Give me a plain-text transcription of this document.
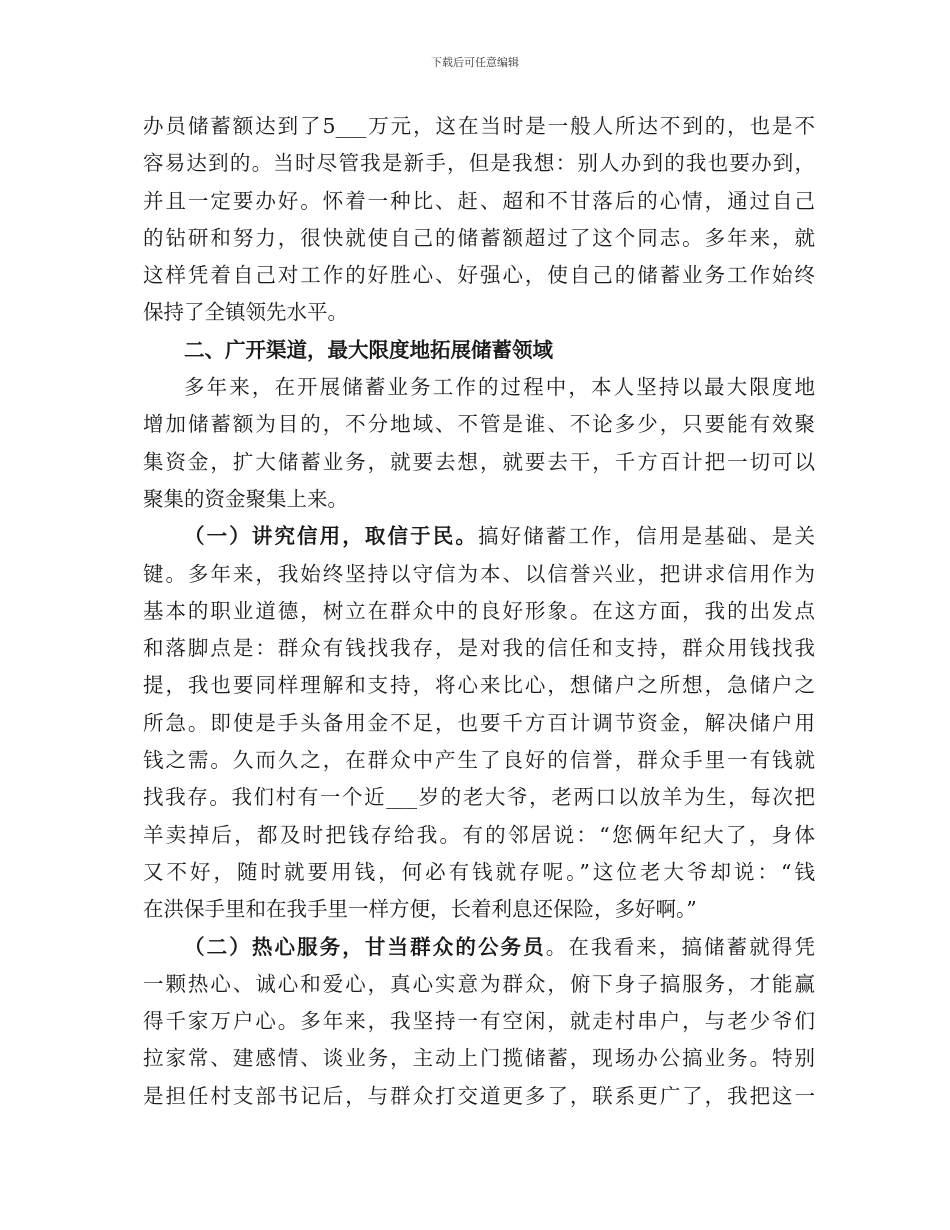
下载后可任意编辑
办员储蓄额达到了5___万元，这在当时是一般人所达不到的，也是不
容易达到的。当时尽管我是新手，但是我想：别人办到的我也要办到，
并且一定要办好。怀着一种比、赶、超和不甘落后的心情，通过自己
的钻研和努力，很快就使自己的储蓄额超过了这个同志。多年来，就
这样凭着自己对工作的好胜心、好强心，使自己的储蓄业务工作始终
保持了全镇领先水平。
二、广开渠道，最大限度地拓展储蓄领域
多年来，在开展储蓄业务工作的过程中，本人坚持以最大限度地
增加储蓄额为目的，不分地域、不管是谁、不论多少，只要能有效聚
集资金，扩大储蓄业务，就要去想，就要去干，千方百计把一切可以
聚集的资金聚集上来。
（一）讲究信用，取信于民。搞好储蓄工作，信用是基础、是关
键。多年来，我始终坚持以守信为本、以信誉兴业，把讲求信用作为
基本的职业道德，树立在群众中的良好形象。在这方面，我的出发点
和落脚点是：群众有钱找我存，是对我的信任和支持，群众用钱找我
提，我也要同样理解和支持，将心来比心，想储户之所想，急储户之
所急。即使是手头备用金不足，也要千方百计调节资金，解决储户用
钱之需。久而久之，在群众中产生了良好的信誉，群众手里一有钱就
找我存。我们村有一个近___岁的老大爷，老两口以放羊为生，每次把
羊卖掉后，都及时把钱存给我。有的邻居说：“您俩年纪大了，身体
又不好，随时就要用钱，何必有钱就存呢。”这位老大爷却说：“钱
在洪保手里和在我手里一样方便，长着利息还保险，多好啊。”
（二）热心服务，甘当群众的公务员。在我看来，搞储蓄就得凭
一颗热心、诚心和爱心，真心实意为群众，俯下身子搞服务，才能赢
得千家万户心。多年来，我坚持一有空闲，就走村串户，与老少爷们
拉家常、建感情、谈业务，主动上门揽储蓄，现场办公搞业务。特别
是担任村支部书记后，与群众打交道更多了，联系更广了，我把这一
